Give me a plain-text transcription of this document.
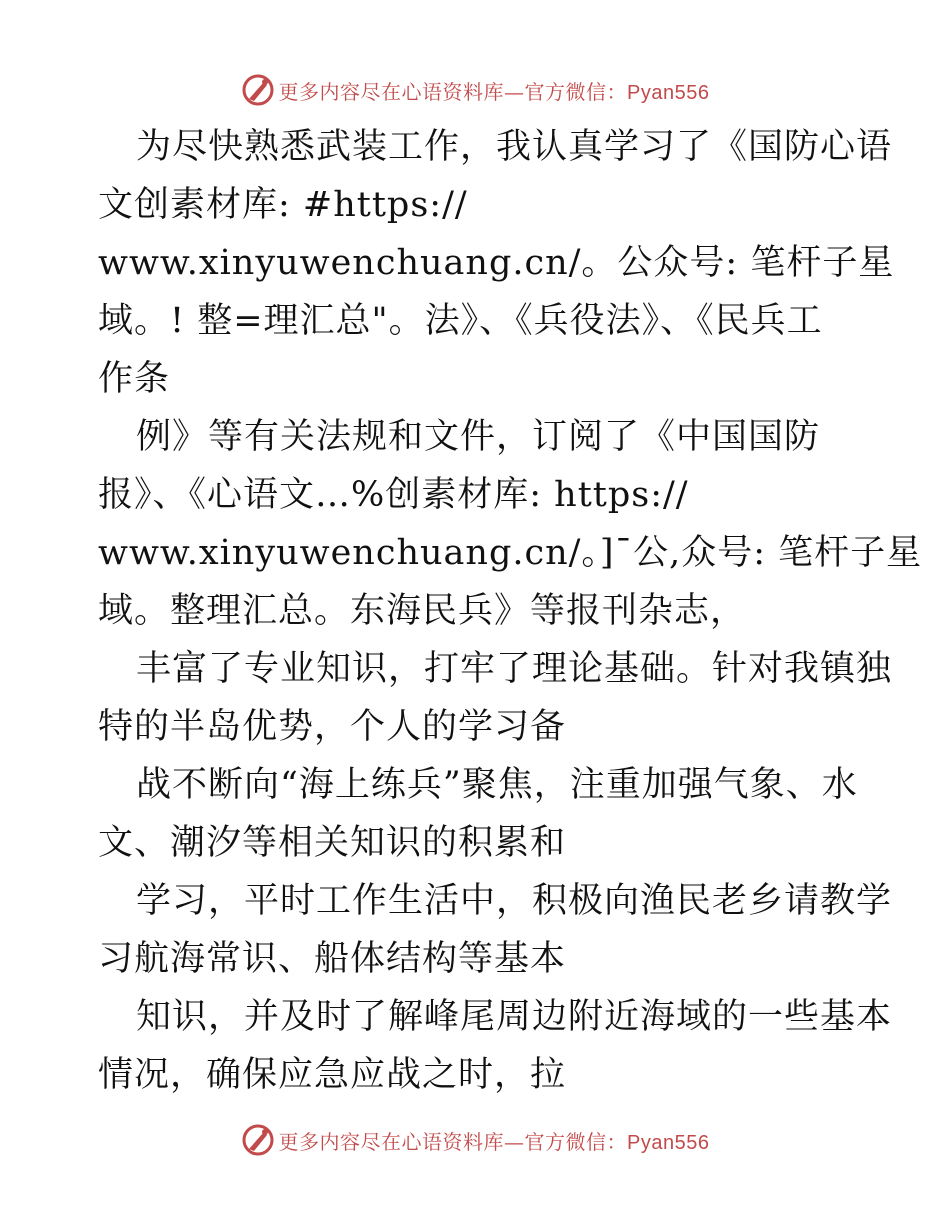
更多内容尽在心语资料库—官方微信：Pyan556
为尽快熟悉武装工作，我认真学习了《国防心语
文创素材库: #https://
www.xinyuwenchuang.cn/。公众号: 笔杆子星
域。! 整=理汇总"。法》、《兵役法》、《民兵工
作条
例》等有关法规和文件，订阅了《中国国防
报》、《心语文…%创素材库: https://
www.xinyuwenchuang.cn/。]¯公,众号: 笔杆子星
域。整理汇总。东海民兵》等报刊杂志，
丰富了专业知识，打牢了理论基础。针对我镇独
特的半岛优势，个人的学习备
战不断向“海上练兵”聚焦，注重加强气象、水
文、潮汐等相关知识的积累和
学习，平时工作生活中，积极向渔民老乡请教学
习航海常识、船体结构等基本
知识，并及时了解峰尾周边附近海域的一些基本
情况，确保应急应战之时，拉
更多内容尽在心语资料库—官方微信：Pyan556
